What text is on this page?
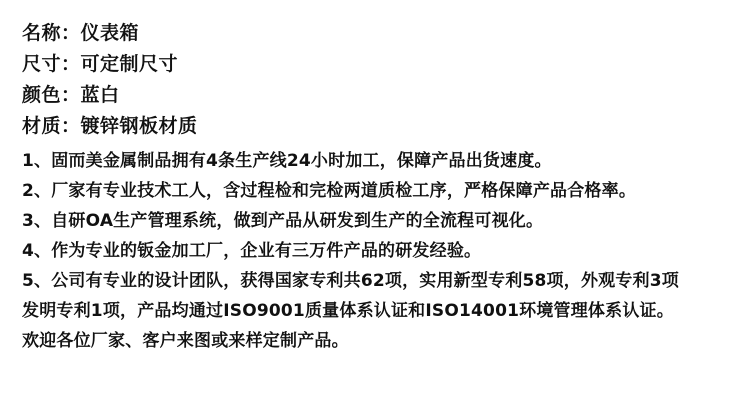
名称：仪表箱
尺寸：可定制尺寸
颜色：蓝白
材质：镀锌钢板材质
1、固而美金属制品拥有4条生产线24小时加工，保障产品出货速度。
2、厂家有专业技术工人，含过程检和完检两道质检工序，严格保障产品合格率。
3、自研OA生产管理系统，做到产品从研发到生产的全流程可视化。
4、作为专业的钣金加工厂，企业有三万件产品的研发经验。
5、公司有专业的设计团队，获得国家专利共62项，实用新型专利58项，外观专利3项
发明专利1项，产品均通过ISO9001质量体系认证和ISO14001环境管理体系认证。
欢迎各位厂家、客户来图或来样定制产品。
